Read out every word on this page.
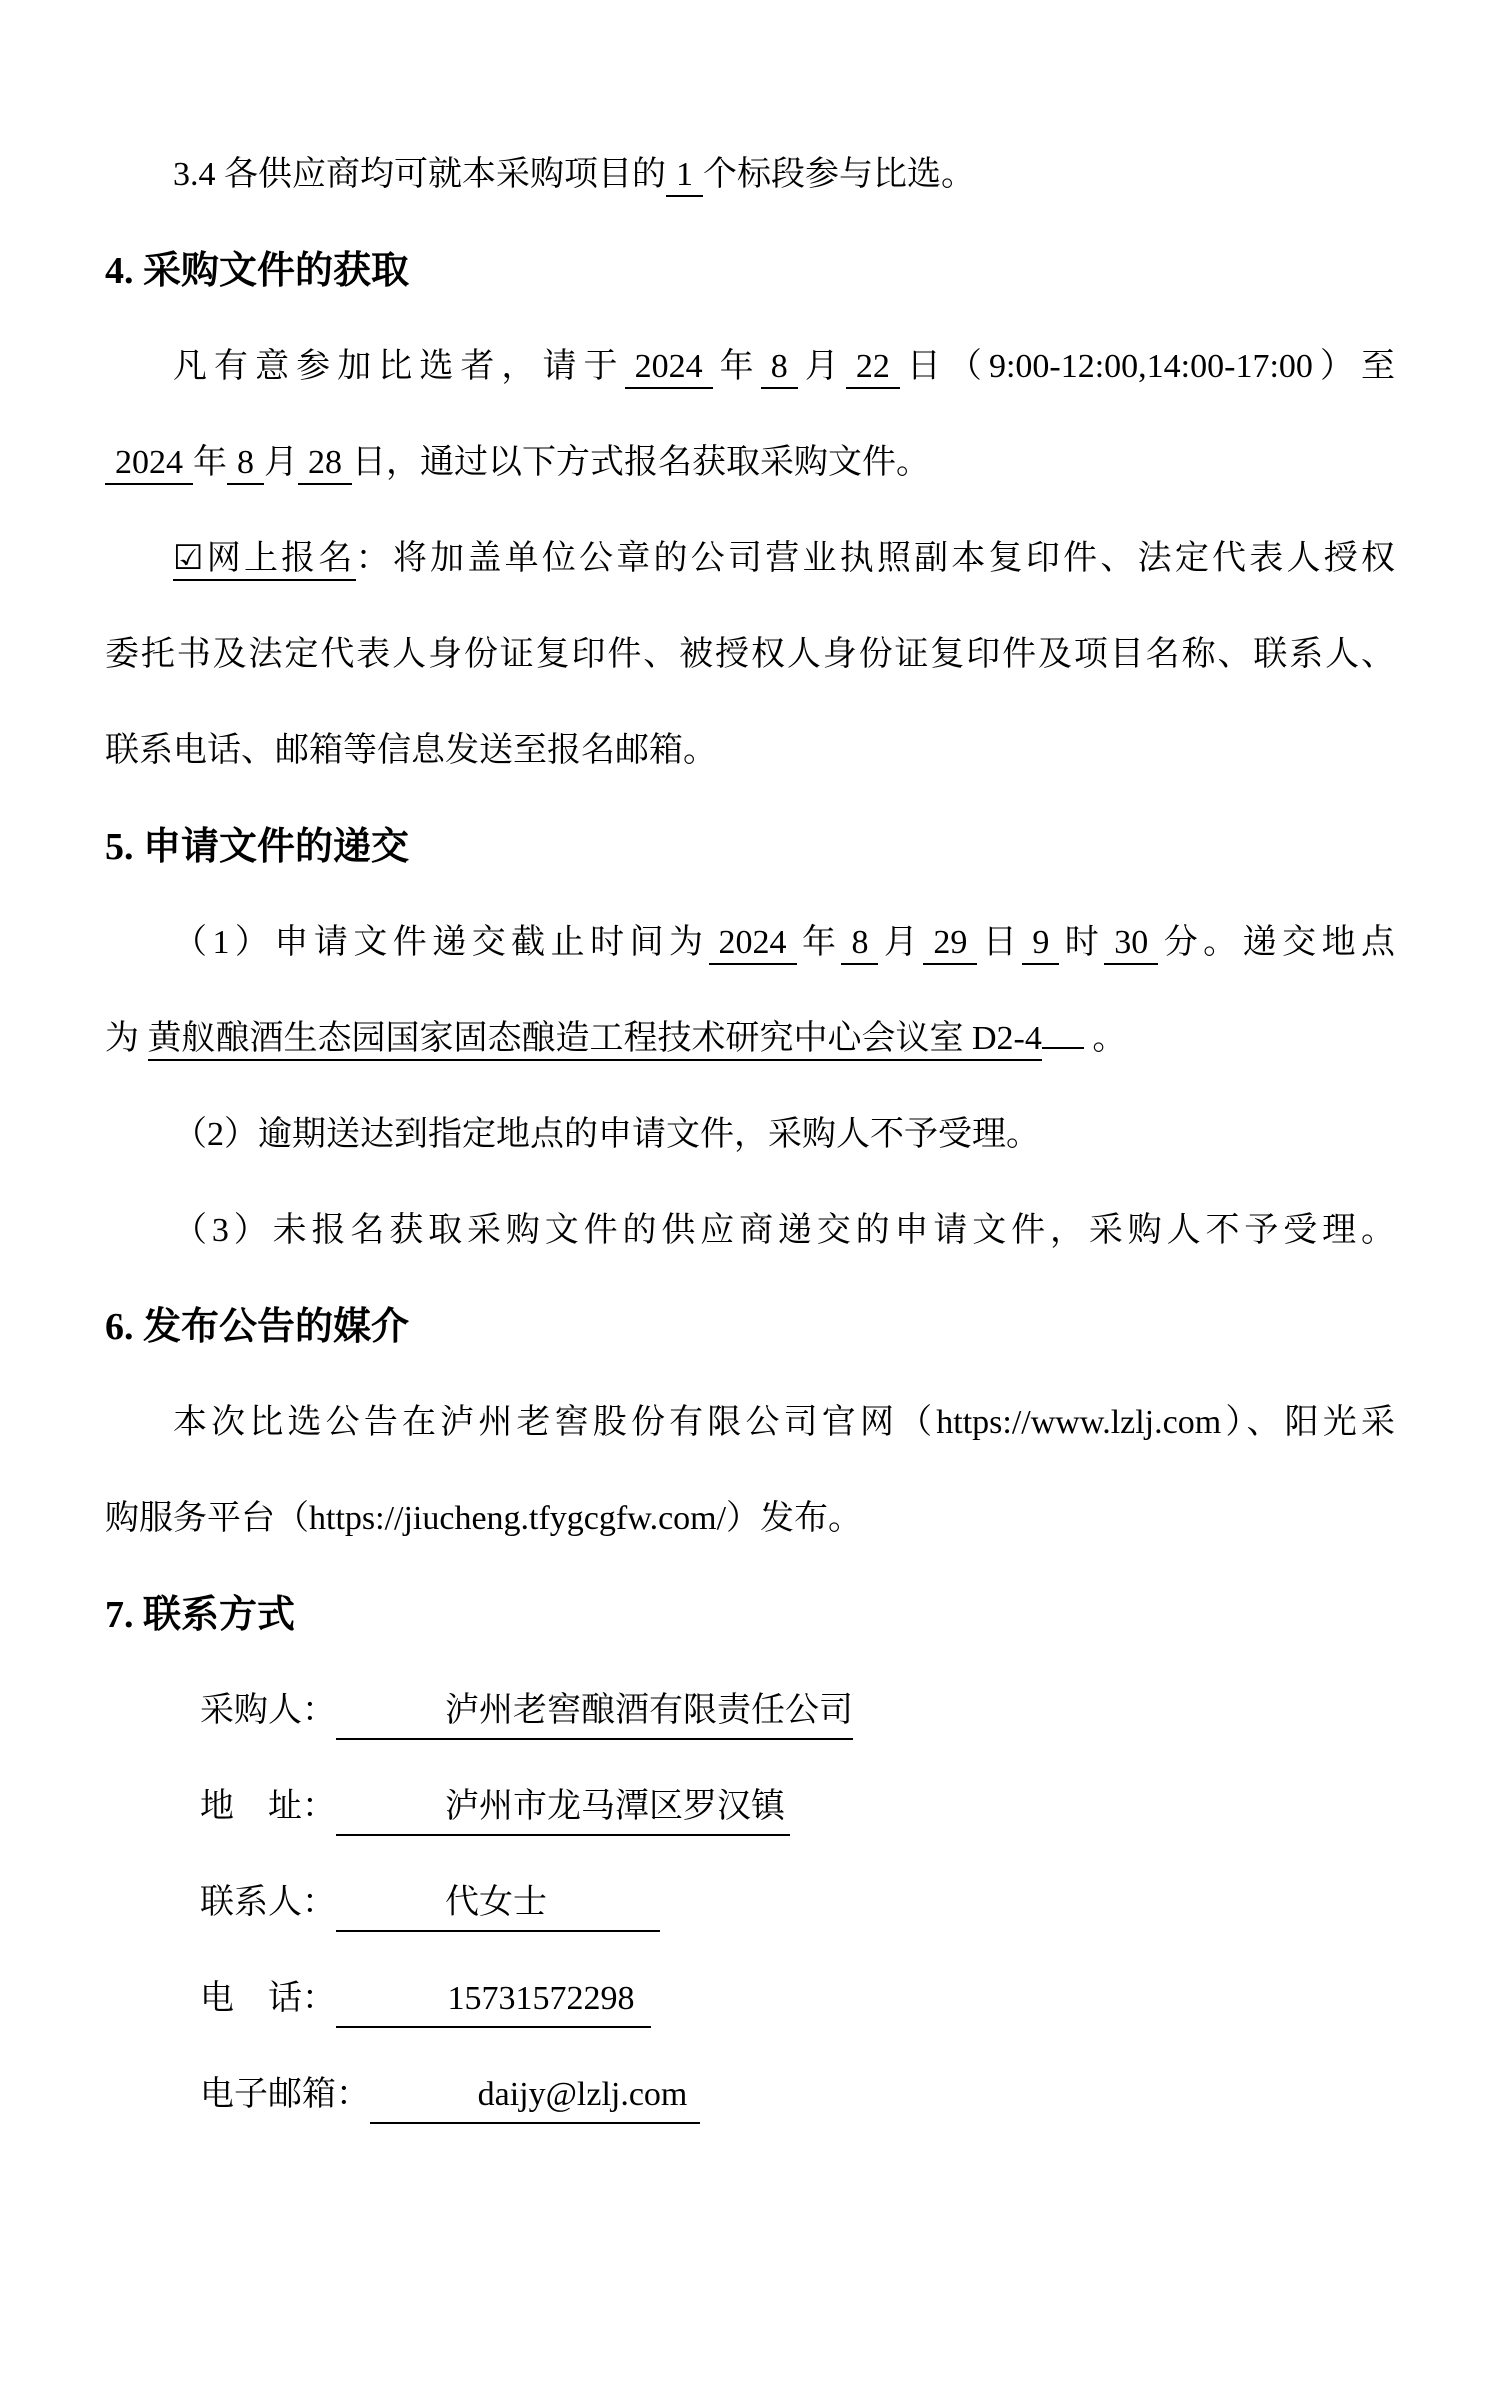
3.4 各供应商均可就本采购项目的 1 个标段参与比选。
4. 采购文件的获取
凡有意参加比选者，请于 2024 年 8 月 22 日（9:00-12:00,14:00-17:00）至
2024 年 8 月 28 日，通过以下方式报名获取采购文件。
☑网上报名：将加盖单位公章的公司营业执照副本复印件、法定代表人授权
委托书及法定代表人身份证复印件、被授权人身份证复印件及项目名称、联系人、
联系电话、邮箱等信息发送至报名邮箱。
5. 申请文件的递交
（1）申请文件递交截止时间为 2024 年 8 月 29 日 9 时 30 分。递交地点
为 黄舣酿酒生态园国家固态酿造工程技术研究中心会议室 D2-4 。
（2）逾期送达到指定地点的申请文件，采购人不予受理。
（3）未报名获取采购文件的供应商递交的申请文件，采购人不予受理。
6. 发布公告的媒介
本次比选公告在泸州老窖股份有限公司官网（https://www.lzlj.com）、阳光采
购服务平台（https://jiucheng.tfygcgfw.com/）发布。
7. 联系方式
采购人：	泸州老窖酿酒有限责任公司
地　址：	泸州市龙马潭区罗汉镇
联系人：	代女士
电　话：	15731572298
电子邮箱：	daijy@lzlj.com
